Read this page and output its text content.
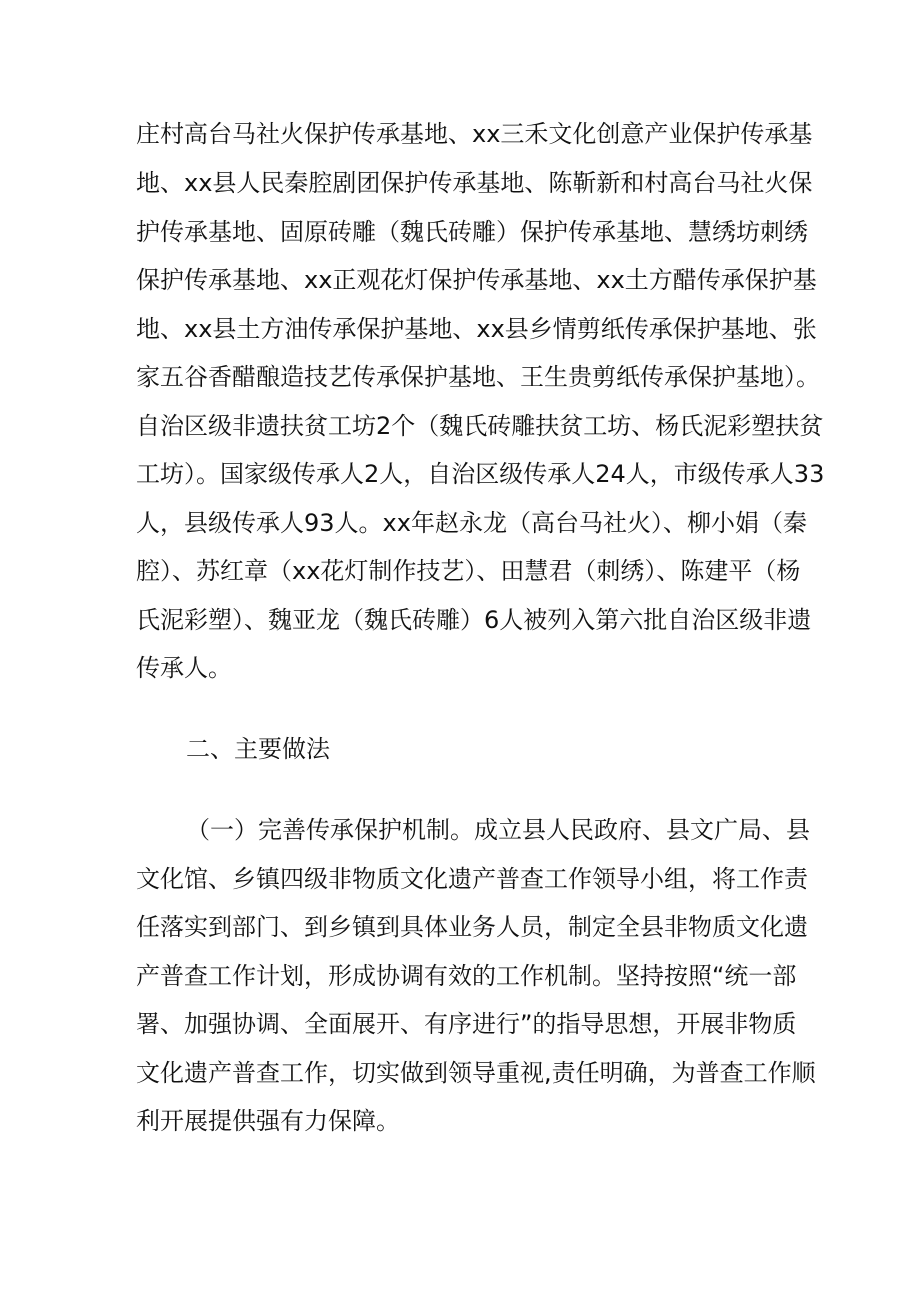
庄村高台马社火保护传承基地、xx三禾文化创意产业保护传承基
地、xx县人民秦腔剧团保护传承基地、陈靳新和村高台马社火保
护传承基地、固原砖雕（魏氏砖雕）保护传承基地、慧绣坊刺绣
保护传承基地、xx正观花灯保护传承基地、xx土方醋传承保护基
地、xx县土方油传承保护基地、xx县乡情剪纸传承保护基地、张
家五谷香醋酿造技艺传承保护基地、王生贵剪纸传承保护基地）。
自治区级非遗扶贫工坊2个（魏氏砖雕扶贫工坊、杨氏泥彩塑扶贫
工坊）。国家级传承人2人，自治区级传承人24人，市级传承人33
人，县级传承人93人。xx年赵永龙（高台马社火）、柳小娟（秦
腔）、苏红章（xx花灯制作技艺）、田慧君（刺绣）、陈建平（杨
氏泥彩塑）、魏亚龙（魏氏砖雕）6人被列入第六批自治区级非遗
传承人。
二、主要做法
（一）完善传承保护机制。成立县人民政府、县文广局、县
文化馆、乡镇四级非物质文化遗产普查工作领导小组，将工作责
任落实到部门、到乡镇到具体业务人员，制定全县非物质文化遗
产普查工作计划，形成协调有效的工作机制。坚持按照“统一部
署、加强协调、全面展开、有序进行”的指导思想，开展非物质
文化遗产普查工作，切实做到领导重视,责任明确，为普查工作顺
利开展提供强有力保障。
